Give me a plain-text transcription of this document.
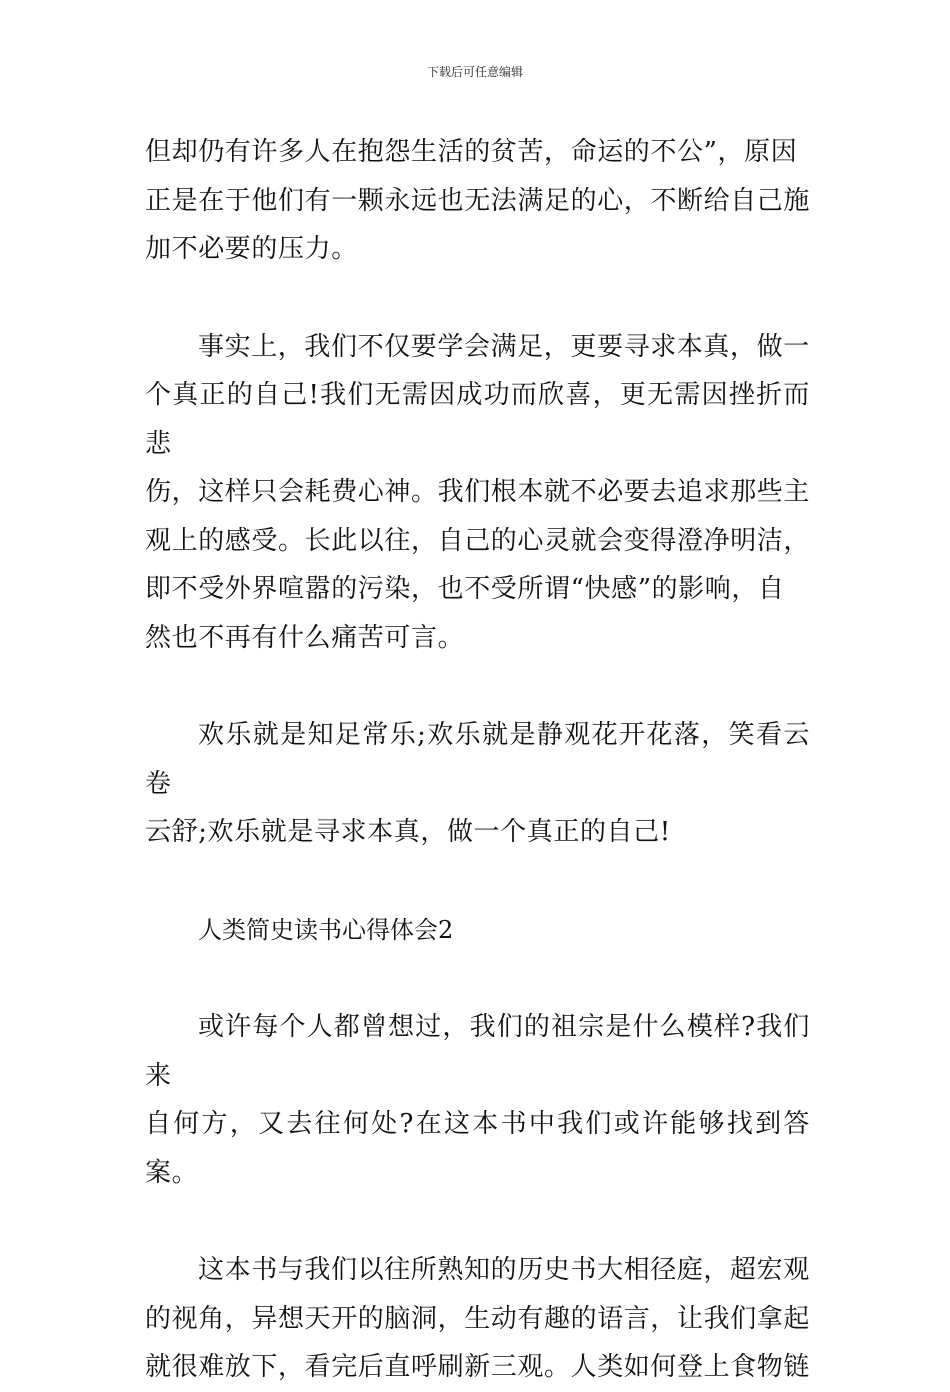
下载后可任意编辑

但却仍有许多人在抱怨生活的贫苦，命运的不公”，原因
正是在于他们有一颗永远也无法满足的心，不断给自己施
加不必要的压力。

事实上，我们不仅要学会满足，更要寻求本真，做一
个真正的自己!我们无需因成功而欣喜，更无需因挫折而悲
伤，这样只会耗费心神。我们根本就不必要去追求那些主
观上的感受。长此以往，自己的心灵就会变得澄净明洁，
即不受外界喧嚣的污染，也不受所谓“快感”的影响，自
然也不再有什么痛苦可言。

欢乐就是知足常乐;欢乐就是静观花开花落，笑看云卷
云舒;欢乐就是寻求本真，做一个真正的自己!

人类简史读书心得体会2

或许每个人都曾想过，我们的祖宗是什么模样?我们来
自何方，又去往何处?在这本书中我们或许能够找到答案。

这本书与我们以往所熟知的历史书大相径庭，超宏观
的视角，异想天开的脑洞，生动有趣的语言，让我们拿起
就很难放下，看完后直呼刷新三观。人类如何登上食物链
